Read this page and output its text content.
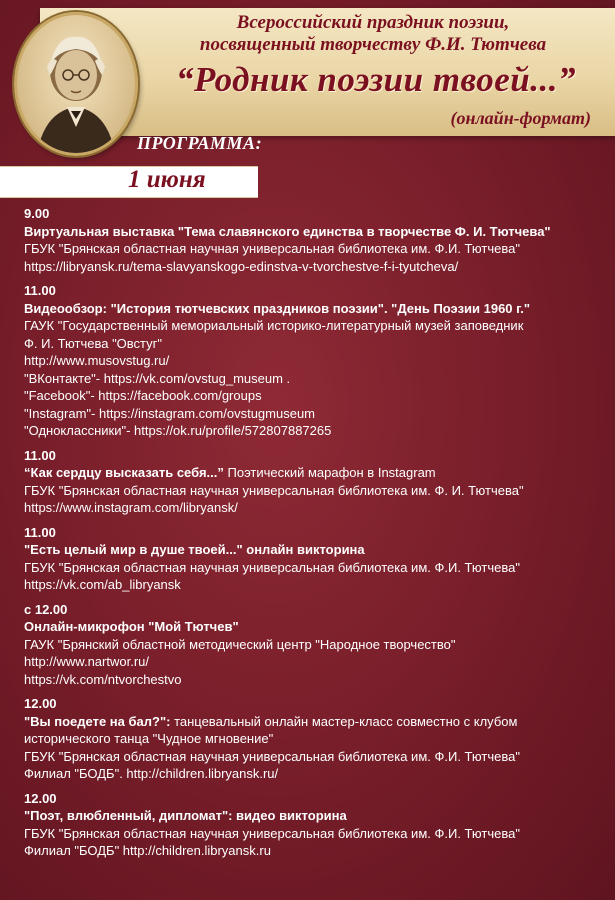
Всероссийский праздник поэзии,
посвященный творчеству Ф.И. Тютчева
“Родник поэзии твоей...”
(онлайн-формат)
ПРОГРАММА:
1 июня
9.00
Виртуальная выставка "Тема славянского единства в творчестве Ф. И. Тютчева"
ГБУК "Брянская областная научная универсальная библиотека им. Ф.И. Тютчева"
https://libryansk.ru/tema-slavyanskogo-edinstva-v-tvorchestve-f-i-tyutcheva/
11.00
Видеообзор: "История тютчевских праздников поэзии". "День Поэзии 1960 г."
ГАУК "Государственный мемориальный историко-литературный музей заповедник
Ф. И. Тютчева "Овстуг"
http://www.musovstug.ru/
"ВКонтакте"- https://vk.com/ovstug_museum .
"Facebook"- https://facebook.com/groups
"Instagram"- https://instagram.com/ovstugmuseum
"Одноклассники"- https://ok.ru/profile/572807887265
11.00
“Как сердцу высказать себя...” Поэтический марафон в Instagram
ГБУК "Брянская областная научная универсальная библиотека им. Ф. И. Тютчева"
https://www.instagram.com/libryansk/
11.00
"Есть целый мир в душе твоей..." онлайн викторина
ГБУК "Брянская областная научная универсальная библиотека им. Ф.И. Тютчева"
https://vk.com/ab_libryansk
с 12.00
Онлайн-микрофон "Мой Тютчев"
ГАУК "Брянский областной методический центр "Народное творчество"
http://www.nartwor.ru/
https://vk.com/ntvorchestvo
12.00
"Вы поедете на бал?": танцевальный онлайн мастер-класс совместно с клубом
исторического танца "Чудное мгновение"
ГБУК "Брянская областная научная универсальная библиотека им. Ф.И. Тютчева"
Филиал "БОДБ". http://children.libryansk.ru/
12.00
"Поэт, влюбленный, дипломат": видео викторина
ГБУК "Брянская областная научная универсальная библиотека им. Ф.И. Тютчева"
Филиал "БОДБ" http://children.libryansk.ru
